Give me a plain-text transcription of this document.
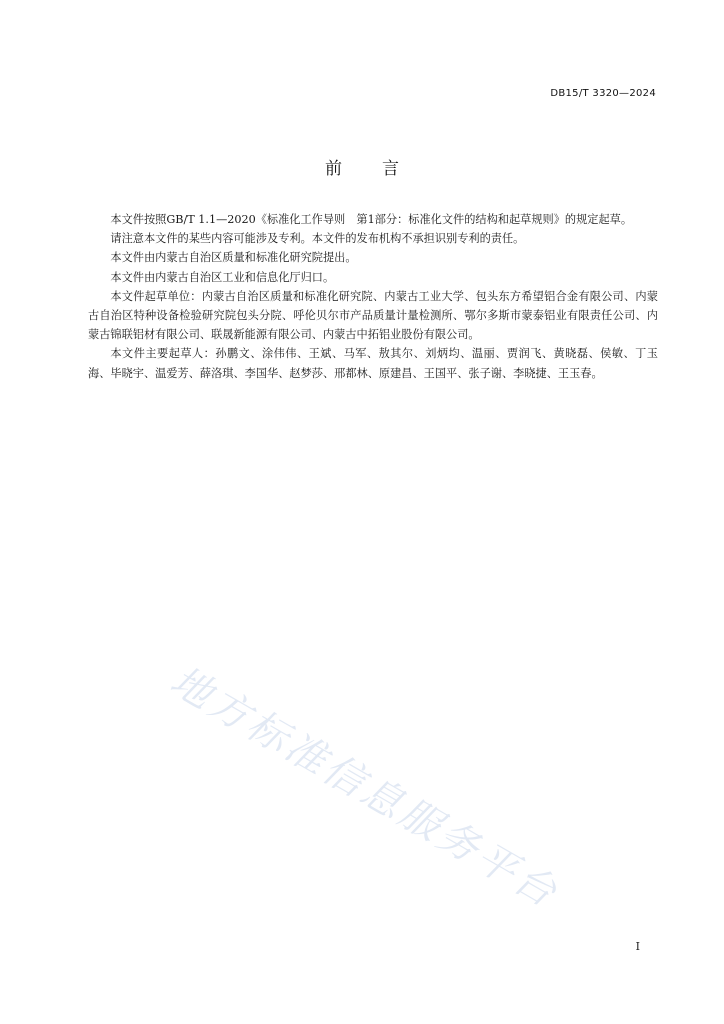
DB15/T 3320—2024
前 言

本文件按照GB/T 1.1—2020《标准化工作导则　第1部分：标准化文件的结构和起草规则》的规定起草。

请注意本文件的某些内容可能涉及专利。本文件的发布机构不承担识别专利的责任。

本文件由内蒙古自治区质量和标准化研究院提出。

本文件由内蒙古自治区工业和信息化厅归口。

本文件起草单位：内蒙古自治区质量和标准化研究院、内蒙古工业大学、包头东方希望铝合金有限公司、内蒙古自治区特种设备检验研究院包头分院、呼伦贝尔市产品质量计量检测所、鄂尔多斯市蒙泰铝业有限责任公司、内蒙古锦联铝材有限公司、联晟新能源有限公司、内蒙古中拓铝业股份有限公司。

本文件主要起草人：孙鹏文、涂伟伟、王斌、马军、敖其尔、刘炳均、温丽、贾润飞、黄晓磊、侯敏、丁玉海、毕晓宇、温爱芳、薛洛琪、李国华、赵梦莎、邢都林、原建昌、王国平、张子谢、李晓捷、王玉春。

地方标准信息服务平台
I
